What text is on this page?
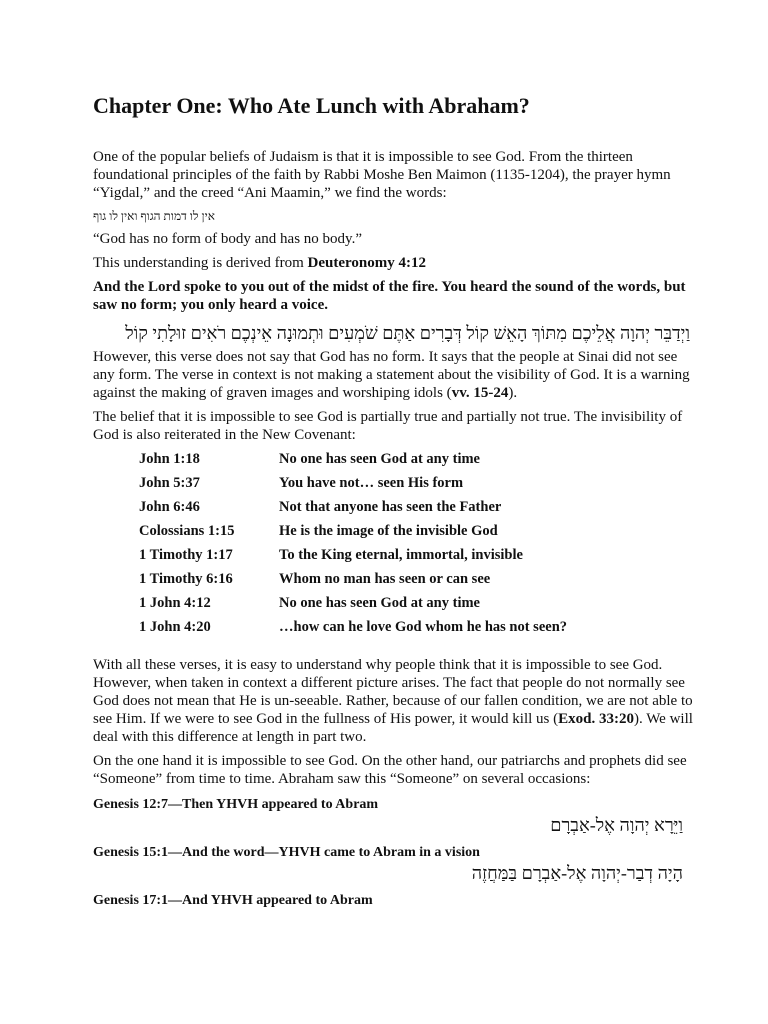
Chapter One: Who Ate Lunch with Abraham?

One of the popular beliefs of Judaism is that it is impossible to see God. From the thirteen foundational principles of the faith by Rabbi Moshe Ben Maimon (1135-1204), the prayer hymn “Yigdal,” and the creed “Ani Maamin,” we find the words:

אין לו דמות הגוף ואין לו גוף

“God has no form of body and has no body.”

This understanding is derived from Deuteronomy 4:12

And the Lord spoke to you out of the midst of the fire. You heard the sound of the words, but saw no form; you only heard a voice.

וַיְדַבֵּר יְהוָה אֲלֵיכֶם מִתּוֹךְ הָאֵשׁ קוֹל דְּבָרִים אַתֶּם שֹׁמְעִים וּתְמוּנָה אֵינְכֶם רֹאִים זוּלָתִי קוֹל

However, this verse does not say that God has no form. It says that the people at Sinai did not see any form. The verse in context is not making a statement about the visibility of God. It is a warning against the making of graven images and worshiping idols (vv. 15-24).

The belief that it is impossible to see God is partially true and partially not true. The invisibility of God is also reiterated in the New Covenant:

John 1:18	No one has seen God at any time
John 5:37	You have not… seen His form
John 6:46	Not that anyone has seen the Father
Colossians 1:15	He is the image of the invisible God
1 Timothy 1:17	To the King eternal, immortal, invisible
1 Timothy 6:16	Whom no man has seen or can see
1 John 4:12	No one has seen God at any time
1 John 4:20	…how can he love God whom he has not seen?

With all these verses, it is easy to understand why people think that it is impossible to see God. However, when taken in context a different picture arises. The fact that people do not normally see God does not mean that He is un-seeable. Rather, because of our fallen condition, we are not able to see Him. If we were to see God in the fullness of His power, it would kill us (Exod. 33:20). We will deal with this difference at length in part two.

On the one hand it is impossible to see God. On the other hand, our patriarchs and prophets did see “Someone” from time to time. Abraham saw this “Someone” on several occasions:

Genesis 12:7—Then YHVH appeared to Abram
וַיֵּרָא יְהוָה אֶל-אַבְרָם
Genesis 15:1—And the word—YHVH came to Abram in a vision
הָיָה דְבַר-יְהוָה אֶל-אַבְרָם בַּמַּחֲזֶה
Genesis 17:1—And YHVH appeared to Abram
